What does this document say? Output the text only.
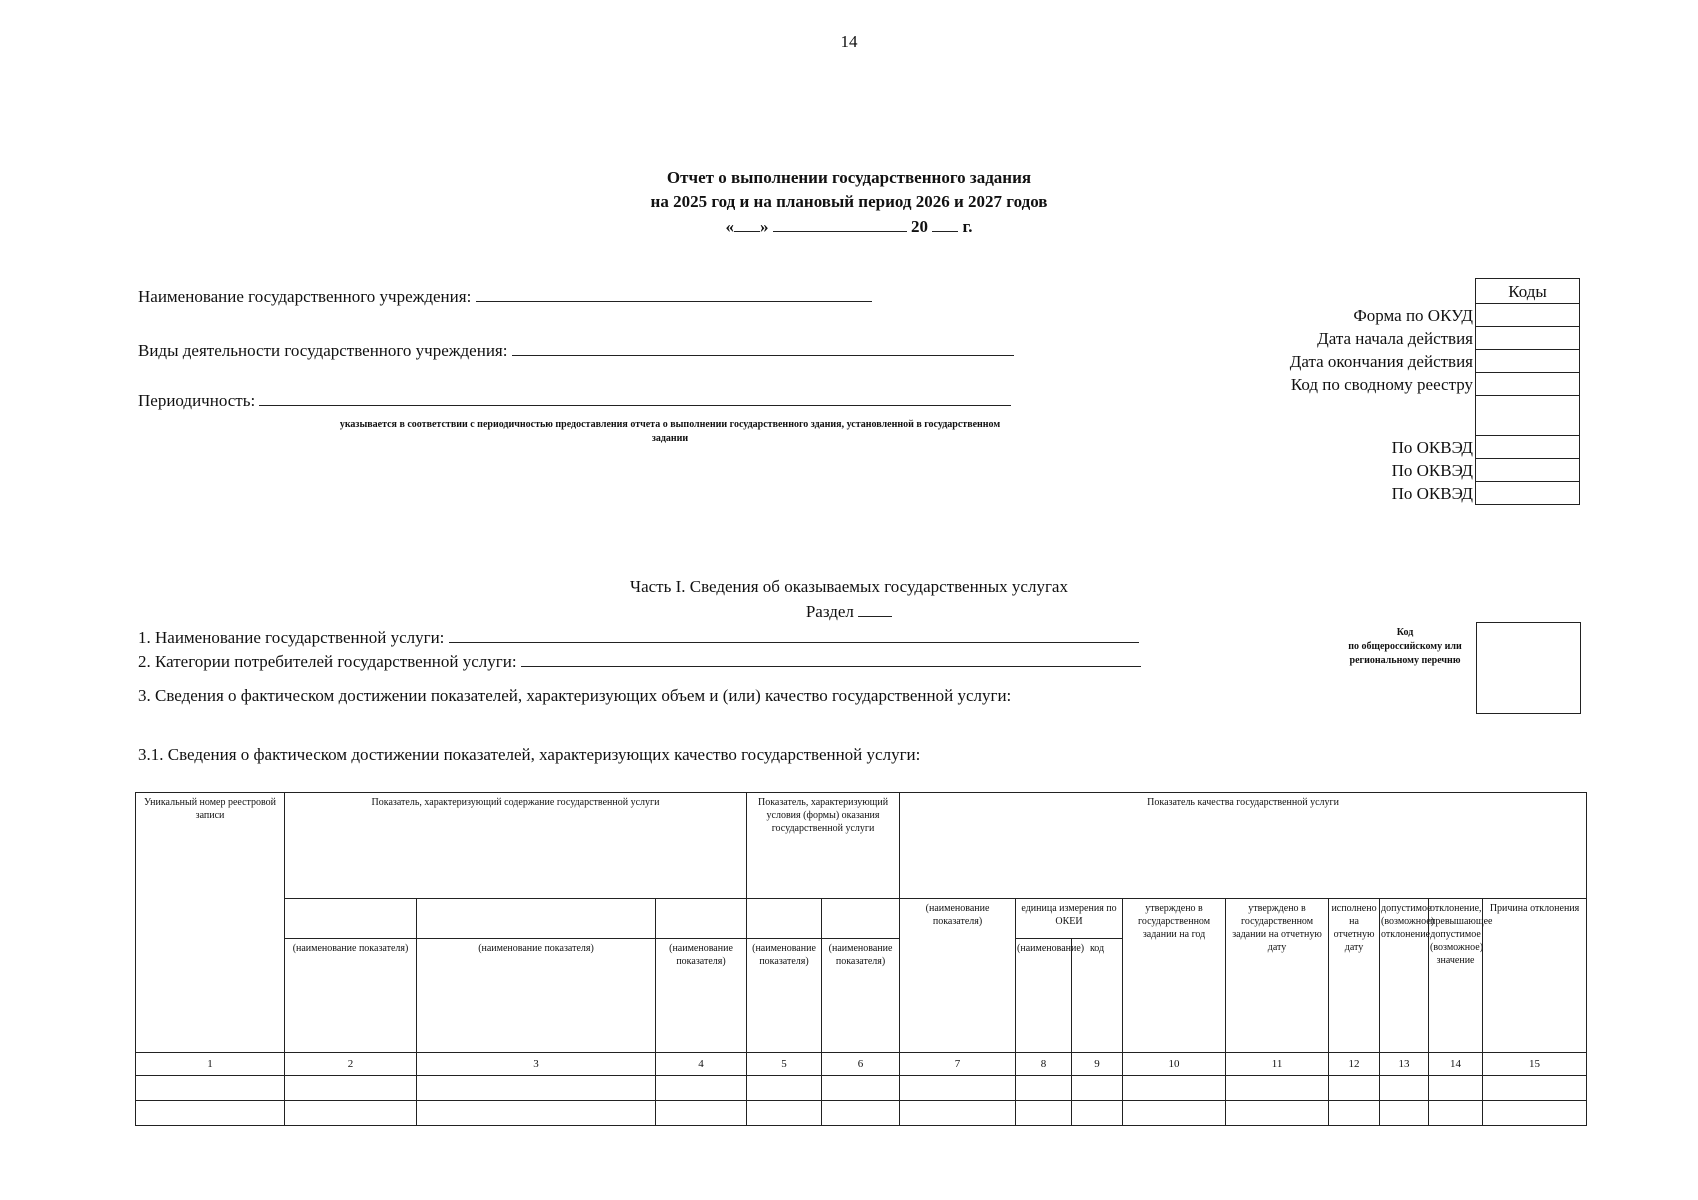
14
Отчет о выполнении государственного задания
на 2025 год и на плановый период 2026 и 2027 годов
« »	20 г.
Наименование государственного учреждения:
Виды деятельности государственного учреждения:
Периодичность:
указывается в соответствии с периодичностью предоставления отчета о выполнении государственного здания, установленной в государственном
задании
Коды
Форма по ОКУД
Дата начала действия
Дата окончания действия
Код по сводному реестру
По ОКВЭД
По ОКВЭД
По ОКВЭД
Часть I. Сведения об оказываемых государственных услугах
Раздел
1. Наименование государственной услуги:
2. Категории потребителей государственной услуги:
3. Сведения о фактическом достижении показателей, характеризующих объем и (или) качество государственной услуги:
3.1. Сведения о фактическом достижении показателей, характеризующих качество государственной услуги:
Код
по общероссийскому или
региональному перечню
Уникальный номер реестровой записи	Показатель, характеризующий содержание государственной услуги			Показатель, характеризующий условия (формы) оказания государственной услуги		Показатель качества государственной услуги								
						(наименование показателя)	единица измерения по ОКЕИ		утверждено в государственном задании на год	утверждено в государственном задании на отчетную дату	исполнено на отчетную дату	допустимое (возможное) отклонение	отклонение, превышающее допустимое (возможное) значение	Причина отклонения
	(наименование показателя)	(наименование показателя)	(наименование показателя)	(наименование показателя)	(наименование показателя)		(наименование)	код						
1	2	3	4	5	6	7	8	9	10	11	12	13	14	15
